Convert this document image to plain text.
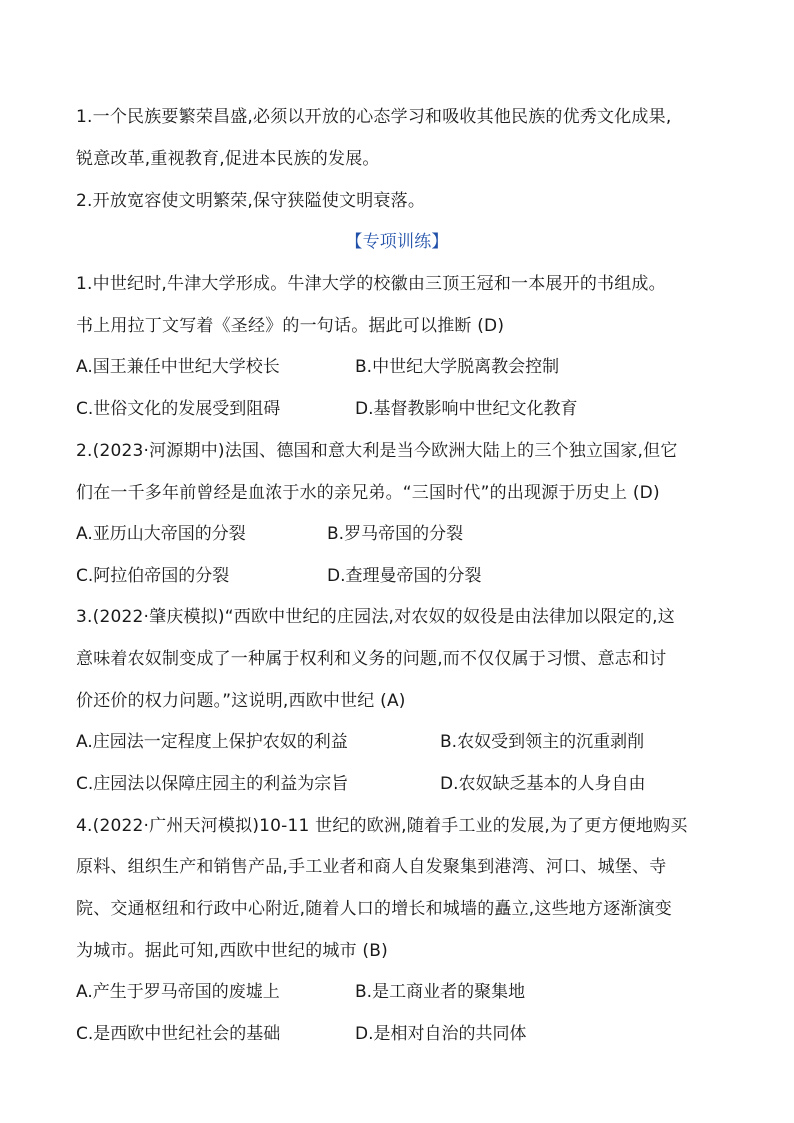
1.一个民族要繁荣昌盛,必须以开放的心态学习和吸收其他民族的优秀文化成果,
锐意改革,重视教育,促进本民族的发展。
2.开放宽容使文明繁荣,保守狭隘使文明衰落。
【专项训练】
1.中世纪时,牛津大学形成。牛津大学的校徽由三顶王冠和一本展开的书组成。
书上用拉丁文写着《圣经》的一句话。据此可以推断 (D)
A.国王兼任中世纪大学校长	B.中世纪大学脱离教会控制
C.世俗文化的发展受到阻碍	D.基督教影响中世纪文化教育
2.(2023·河源期中)法国、德国和意大利是当今欧洲大陆上的三个独立国家,但它
们在一千多年前曾经是血浓于水的亲兄弟。“三国时代”的出现源于历史上 (D)
A.亚历山大帝国的分裂	B.罗马帝国的分裂
C.阿拉伯帝国的分裂	D.查理曼帝国的分裂
3.(2022·肇庆模拟)“西欧中世纪的庄园法,对农奴的奴役是由法律加以限定的,这
意味着农奴制变成了一种属于权利和义务的问题,而不仅仅属于习惯、意志和讨
价还价的权力问题。”这说明,西欧中世纪 (A)
A.庄园法一定程度上保护农奴的利益	B.农奴受到领主的沉重剥削
C.庄园法以保障庄园主的利益为宗旨	D.农奴缺乏基本的人身自由
4.(2022·广州天河模拟)10-11 世纪的欧洲,随着手工业的发展,为了更方便地购买
原料、组织生产和销售产品,手工业者和商人自发聚集到港湾、河口、城堡、寺
院、交通枢纽和行政中心附近,随着人口的增长和城墙的矗立,这些地方逐渐演变
为城市。据此可知,西欧中世纪的城市 (B)
A.产生于罗马帝国的废墟上	B.是工商业者的聚集地
C.是西欧中世纪社会的基础	D.是相对自治的共同体
